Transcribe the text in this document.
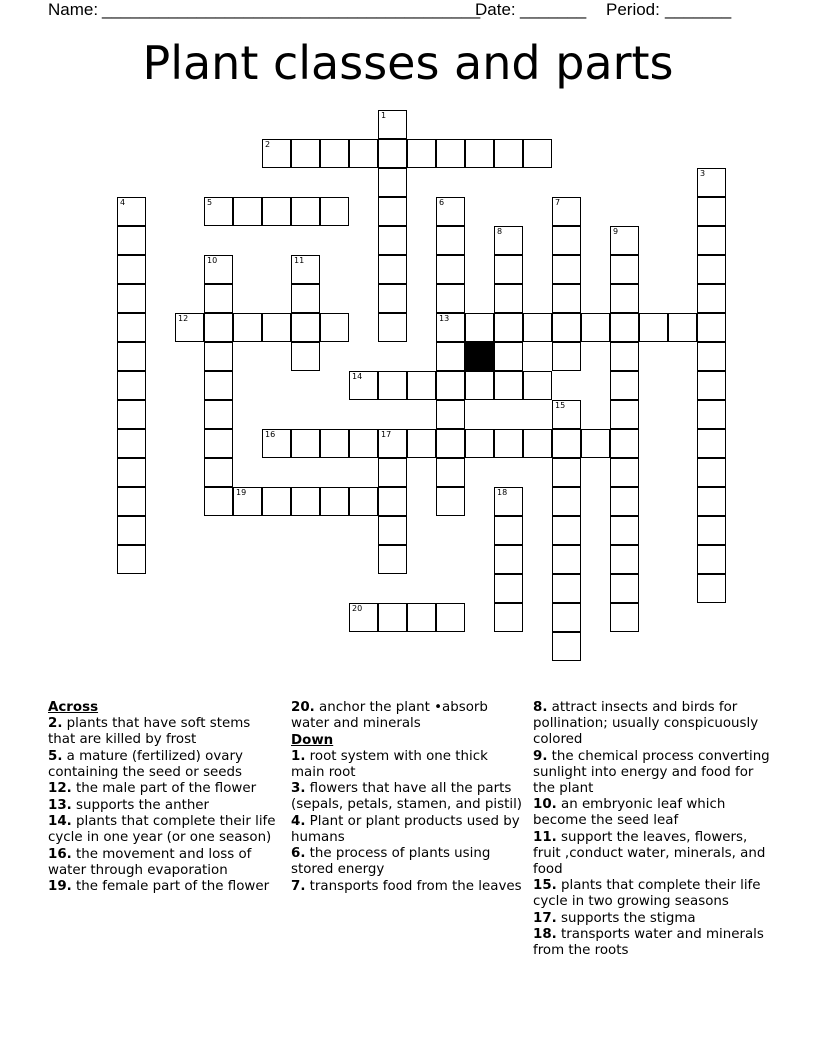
Name: ________________________________________
Date: _______ Period: _______
Plant classes and parts
2
5
12	13
14
16	17
19
20
1
3
4	6	7
8	9
10	11
15
18
Across
2. plants that have soft stems that are killed by frost
5. a mature (fertilized) ovary containing the seed or seeds
12. the male part of the flower
13. supports the anther
14. plants that complete their life cycle in one year (or one season)
16. the movement and loss of water through evaporation
19. the female part of the flower
20. anchor the plant •absorb water and minerals
Down
1. root system with one thick main root
3. flowers that have all the parts (sepals, petals, stamen, and pistil)
4. Plant or plant products used by humans
6. the process of plants using stored energy
7. transports food from the leaves
8. attract insects and birds for pollination; usually conspicuously colored
9. the chemical process converting sunlight into energy and food for the plant
10. an embryonic leaf which become the seed leaf
11. support the leaves, flowers, fruit ,conduct water, minerals, and food
15. plants that complete their life cycle in two growing seasons
17. supports the stigma
18. transports water and minerals from the roots
